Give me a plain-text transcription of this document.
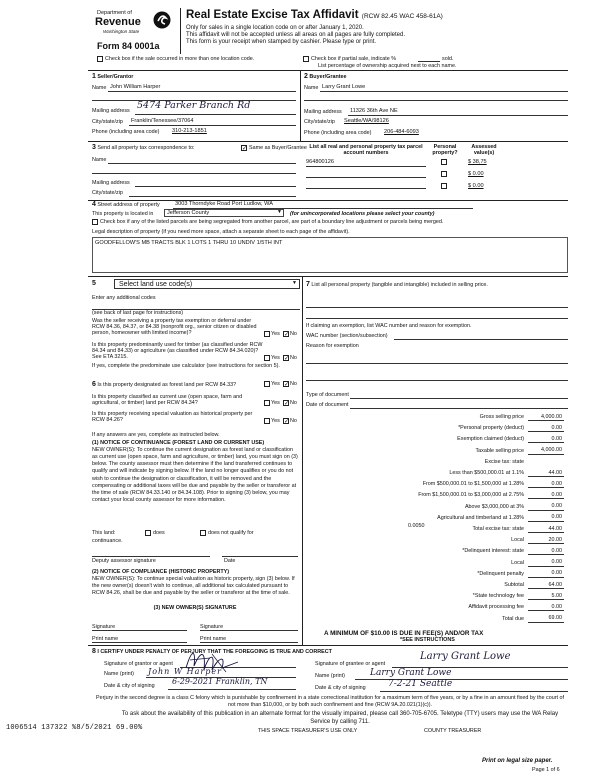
Department of
Revenue
Washington State
Form 84 0001a
Real Estate Excise Tax Affidavit (RCW 82.45 WAC 458-61A)
Only for sales in a single location code on or after January 1, 2020.
This affidavit will not be accepted unless all areas on all pages are fully completed.
This form is your receipt when stamped by cashier. Please type or print.
Check box if the sale occurred in more than one location code.	Check box if partial sale, indicate %	sold.
List percentage of ownership acquired next to each name.
1 Seller/Grantor
Name John William Harper
Mailing address 5474 Parker Branch Rd
City/state/zip Franklin/Tenessee/37064
Phone (including area code) 310-213-1851
2 Buyer/Grantee
Name Larry Grant Lowe
Mailing address 11326 36th Ave NE
City/state/zip Seattle/WA/98126
Phone (including area code) 206-484-6093
3 Send all property tax correspondence to:	✓ Same as Buyer/Grantee
Name
Mailing address
City/state/zip
List all real and personal property tax parcel account numbers
Personal property?
Assessed value(s)
964800126	$ 38,75
$ 0.00
$ 0.00
4 Street address of property	3003 Thorndyke Road Port Ludlow, WA
This property is located in Jefferson County	▼ (for unincorporated locations please select your county)
Check box if any of the listed parcels are being segregated from another parcel, are part of a boundary line adjustment or parcels being merged.
Legal description of property (if you need more space, attach a separate sheet to each page of the affidavit).
GOODFELLOW'S MB TRACTS BLK 1 LOTS 1 THRU 10 UNDIV 1/5TH INT
5	Select land use code(s)	▼
Enter any additional codes
(see back of last page for instructions)
Was the seller receiving a property tax exemption or deferral under RCW 84.36, 84.37, or 84.38 (nonprofit org., senior citizen or disabled person, homeowner with limited income)?	Yes ✓ No
Is this property predominantly used for timber (as classified under RCW 84.34 and 84.33) or agriculture (as classified under RCW 84.34.020)? See ETA 3215.	Yes ✓ No
If yes, complete the predominate use calculator (see instructions for section 5).
6 Is this property designated as forest land per RCW 84.33?	Yes ✓ No
Is this property classified as current use (open space, farm and agricultural, or timber) land per RCW 84.34?	Yes ✓ No
Is this property receiving special valuation as historical property per RCW 84.26?	Yes ✓ No
If any answers are yes, complete as instructed below.
(1) NOTICE OF CONTINUANCE (FOREST LAND OR CURRENT USE)
NEW OWNER(S): To continue the current designation as forest land or classification as current use (open space, farm and agriculture, or timber) land, you must sign on (3) below. The county assessor must then determine if the land transferred continues to qualify and will indicate by signing below. If the land no longer qualifies or you do not wish to continue the designation or classification, it will be removed and the compensating or additional taxes will be due and payable by the seller or transferor at the time of sale (RCW 84.33.140 or 84.34.108). Prior to signing (3) below, you may contact your local county assessor for more information.
This land:	does	does not qualify for
continuance.
Deputy assessor signature	Date
(2) NOTICE OF COMPLIANCE (HISTORIC PROPERTY)
NEW OWNER(S): To continue special valuation as historic property, sign (3) below. If the new owner(s) doesn't wish to continue, all additional tax calculated pursuant to RCW 84.26, shall be due and payable by the seller or transferor at the time of sale.
(3) NEW OWNER(S) SIGNATURE
Signature	Signature
Print name	Print name
7 List all personal property (tangible and intangible) included in selling price.
If claiming an exemption, list WAC number and reason for exemption.
WAC number (section/subsection)
Reason for exemption
Type of document
Date of document
Gross selling price	4,000.00
*Personal property (deduct)	0.00
Exemption claimed (deduct)	0.00
Taxable selling price	4,000.00
Excise tax: state
Less than $500,000.01 at 1.1%	44.00
From $500,000.01 to $1,500,000 at 1.28%	0.00
From $1,500,000.01 to $3,000,000 at 2.75%	0.00
Above $3,000,000 at 3%	0.00
Agricultural and timberland at 1.28%	0.00
Total excise tax: state	44.00
Local	20.00
*Delinquent interest: state	0.00
Local	0.00
*Delinquent penalty	0.00
Subtotal	64.00
*State technology fee	5.00
Affidavit processing fee	0.00
Total due	69.00
0.0050
A MINIMUM OF $10.00 IS DUE IN FEE(S) AND/OR TAX
*SEE INSTRUCTIONS
8 I CERTIFY UNDER PENALTY OF PERJURY THAT THE FOREGOING IS TRUE AND CORRECT
Signature of grantor or agent
Name (print) John W Harper
Date & city of signing 6-29-2021 Franklin, TN
Signature of grantee or agent
Larry Grant Lowe
Name (print)	Larry Grant Lowe
Date & city of signing 7-2-21 Seattle
Perjury in the second degree is a class C felony which is punishable by confinement in a state correctional institution for a maximum term of five years, or by a fine in an amount fixed by the court of not more than $10,000, or by both such confinement and fine (RCW 9A.20.021(1)(c)).
To ask about the availability of this publication in an alternate format for the visually impaired, please call 360-705-6705. Teletype (TTY) users may use the WA Relay Service by calling 711.
1006514 137322 %8/5/2021 69.00%	THIS SPACE TREASURER'S USE ONLY	COUNTY TREASURER
Print on legal size paper.
Page 1 of 6
